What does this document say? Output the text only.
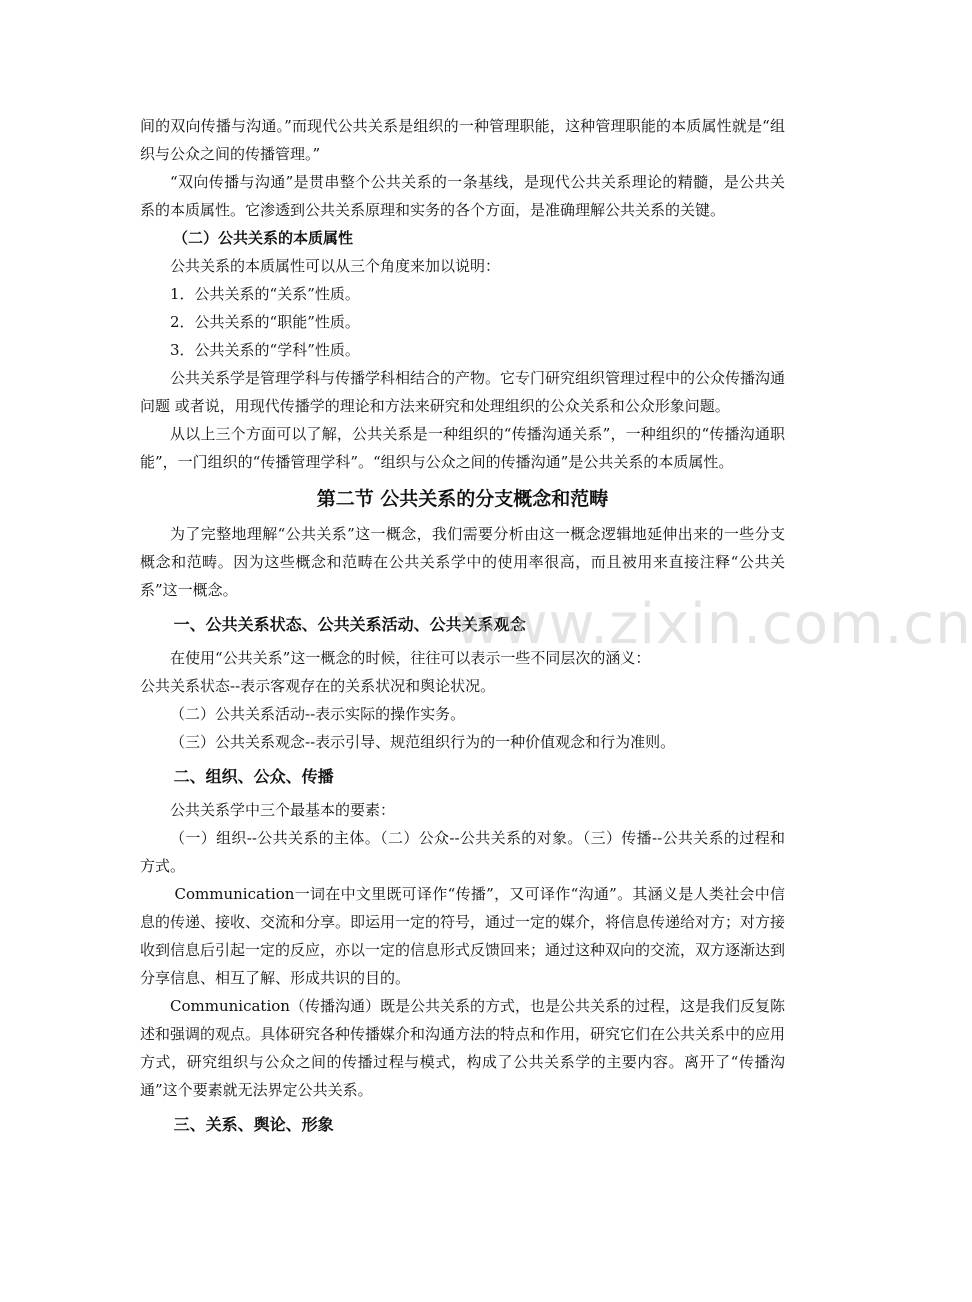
间的双向传播与沟通。”而现代公共关系是组织的一种管理职能，这种管理职能的本质属性就是“组织与公众之间的传播管理。”

“双向传播与沟通”是贯串整个公共关系的一条基线，是现代公共关系理论的精髓，是公共关系的本质属性。它渗透到公共关系原理和实务的各个方面，是准确理解公共关系的关键。

（二）公共关系的本质属性

公共关系的本质属性可以从三个角度来加以说明：

1．公共关系的“关系”性质。

2．公共关系的“职能”性质。

3．公共关系的“学科”性质。

公共关系学是管理学科与传播学科相结合的产物。它专门研究组织管理过程中的公众传播沟通问题 或者说，用现代传播学的理论和方法来研究和处理组织的公众关系和公众形象问题。

从以上三个方面可以了解，公共关系是一种组织的“传播沟通关系”，一种组织的“传播沟通职能”，一门组织的“传播管理学科”。“组织与公众之间的传播沟通”是公共关系的本质属性。

第二节 公共关系的分支概念和范畴

为了完整地理解“公共关系”这一概念，我们需要分析由这一概念逻辑地延伸出来的一些分支概念和范畴。因为这些概念和范畴在公共关系学中的使用率很高，而且被用来直接注释“公共关系”这一概念。

一、公共关系状态、公共关系活动、公共关系观念

在使用“公共关系”这一概念的时候，往往可以表示一些不同层次的涵义：

公共关系状态--表示客观存在的关系状况和舆论状况。

（二）公共关系活动--表示实际的操作实务。

（三）公共关系观念--表示引导、规范组织行为的一种价值观念和行为准则。

二、组织、公众、传播

公共关系学中三个最基本的要素：

（一）组织--公共关系的主体。（二）公众--公共关系的对象。（三）传播--公共关系的过程和方式。

Communication一词在中文里既可译作“传播”，又可译作“沟通”。其涵义是人类社会中信息的传递、接收、交流和分享。即运用一定的符号，通过一定的媒介，将信息传递给对方；对方接收到信息后引起一定的反应，亦以一定的信息形式反馈回来；通过这种双向的交流，双方逐渐达到分享信息、相互了解、形成共识的目的。

Communication（传播沟通）既是公共关系的方式，也是公共关系的过程，这是我们反复陈述和强调的观点。具体研究各种传播媒介和沟通方法的特点和作用，研究它们在公共关系中的应用方式，研究组织与公众之间的传播过程与模式，构成了公共关系学的主要内容。离开了“传播沟通”这个要素就无法界定公共关系。

三、关系、舆论、形象

www.zixin.com.cn
